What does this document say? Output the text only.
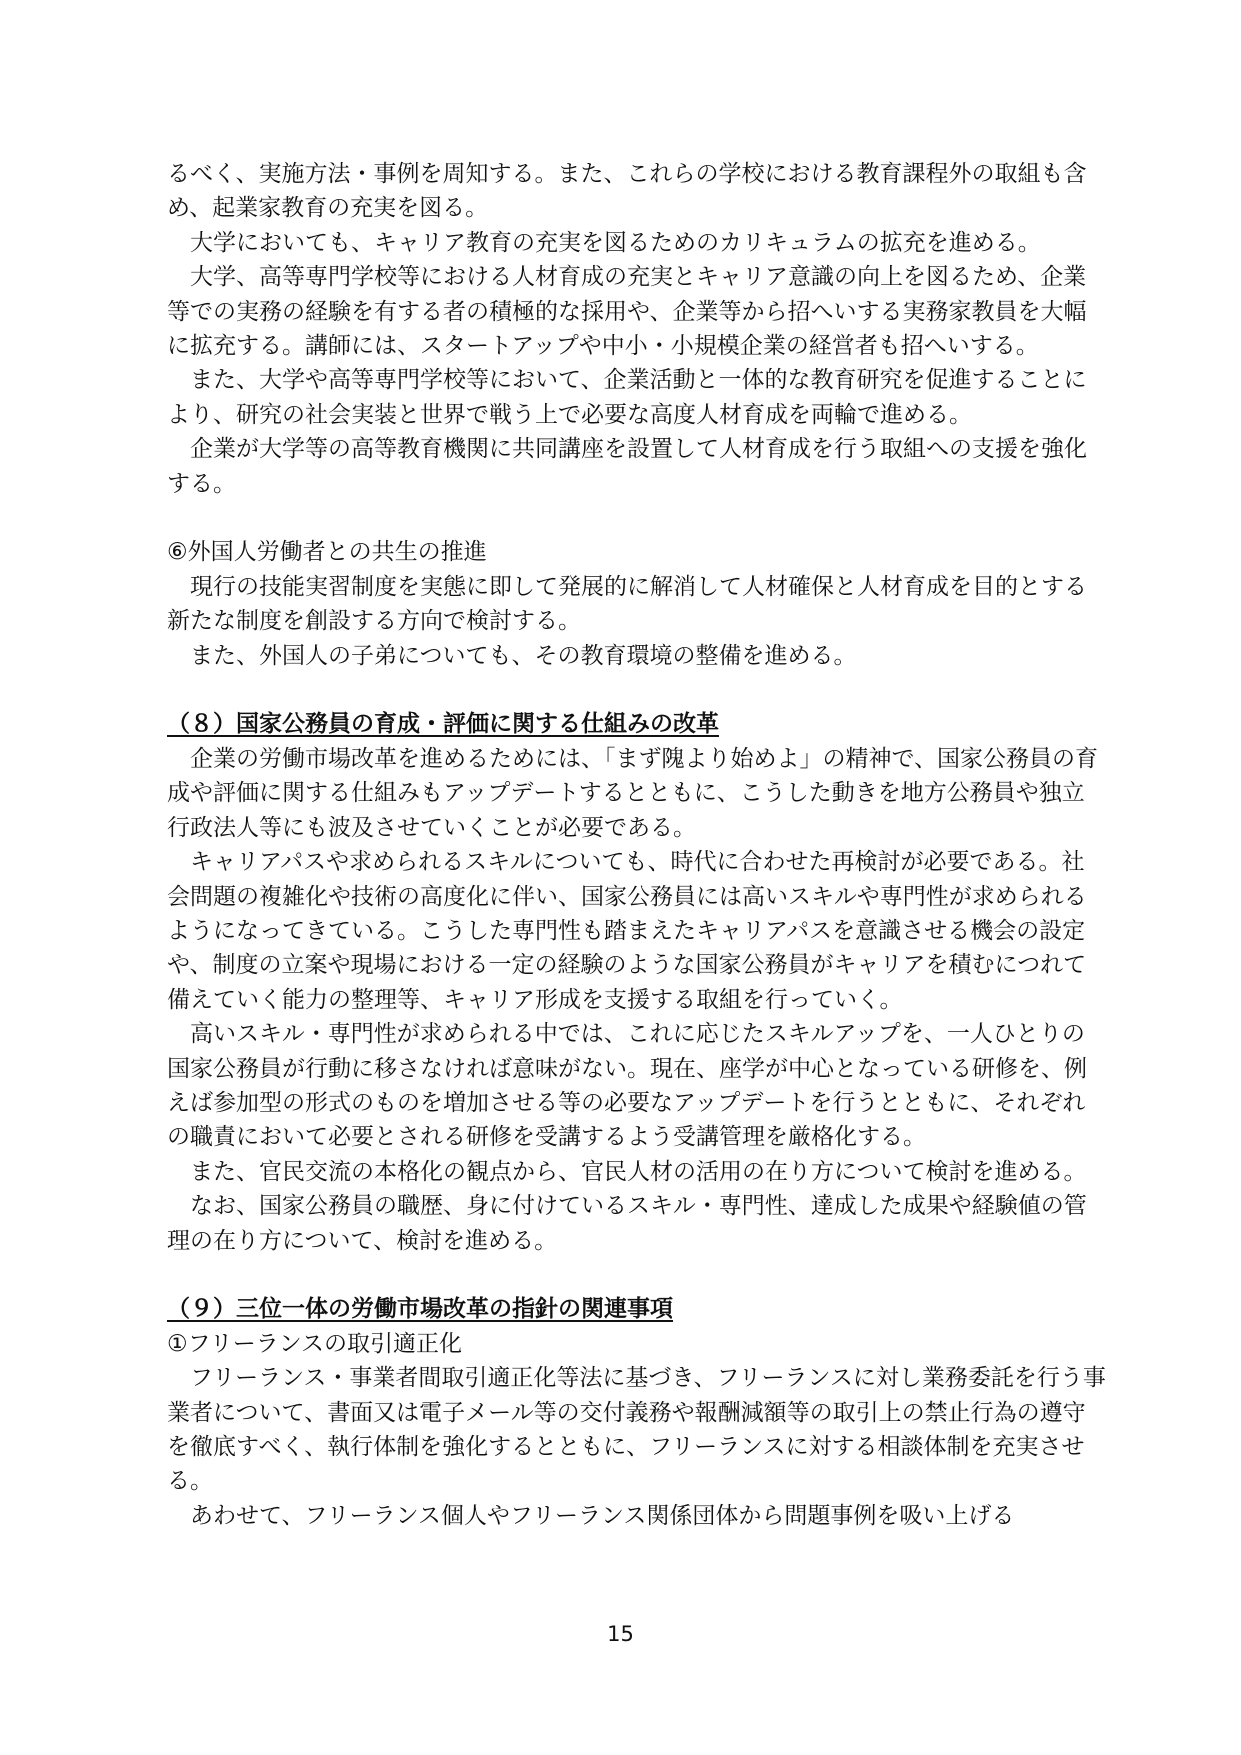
るべく、実施方法・事例を周知する。また、これらの学校における教育課程外の取組も含め、起業家教育の充実を図る。

大学においても、キャリア教育の充実を図るためのカリキュラムの拡充を進める。

大学、高等専門学校等における人材育成の充実とキャリア意識の向上を図るため、企業等での実務の経験を有する者の積極的な採用や、企業等から招へいする実務家教員を大幅に拡充する。講師には、スタートアップや中小・小規模企業の経営者も招へいする。

また、大学や高等専門学校等において、企業活動と一体的な教育研究を促進することにより、研究の社会実装と世界で戦う上で必要な高度人材育成を両輪で進める。

企業が大学等の高等教育機関に共同講座を設置して人材育成を行う取組への支援を強化する。

⑥外国人労働者との共生の推進

現行の技能実習制度を実態に即して発展的に解消して人材確保と人材育成を目的とする新たな制度を創設する方向で検討する。

また、外国人の子弟についても、その教育環境の整備を進める。

（８）国家公務員の育成・評価に関する仕組みの改革

企業の労働市場改革を進めるためには、「まず隗より始めよ」の精神で、国家公務員の育成や評価に関する仕組みもアップデートするとともに、こうした動きを地方公務員や独立行政法人等にも波及させていくことが必要である。

キャリアパスや求められるスキルについても、時代に合わせた再検討が必要である。社会問題の複雑化や技術の高度化に伴い、国家公務員には高いスキルや専門性が求められるようになってきている。こうした専門性も踏まえたキャリアパスを意識させる機会の設定や、制度の立案や現場における一定の経験のような国家公務員がキャリアを積むにつれて備えていく能力の整理等、キャリア形成を支援する取組を行っていく。

高いスキル・専門性が求められる中では、これに応じたスキルアップを、一人ひとりの国家公務員が行動に移さなければ意味がない。現在、座学が中心となっている研修を、例えば参加型の形式のものを増加させる等の必要なアップデートを行うとともに、それぞれの職責において必要とされる研修を受講するよう受講管理を厳格化する。

また、官民交流の本格化の観点から、官民人材の活用の在り方について検討を進める。

なお、国家公務員の職歴、身に付けているスキル・専門性、達成した成果や経験値の管理の在り方について、検討を進める。

（９）三位一体の労働市場改革の指針の関連事項
①フリーランスの取引適正化

フリーランス・事業者間取引適正化等法に基づき、フリーランスに対し業務委託を行う事業者について、書面又は電子メール等の交付義務や報酬減額等の取引上の禁止行為の遵守を徹底すべく、執行体制を強化するとともに、フリーランスに対する相談体制を充実させる。

あわせて、フリーランス個人やフリーランス関係団体から問題事例を吸い上げる

15
